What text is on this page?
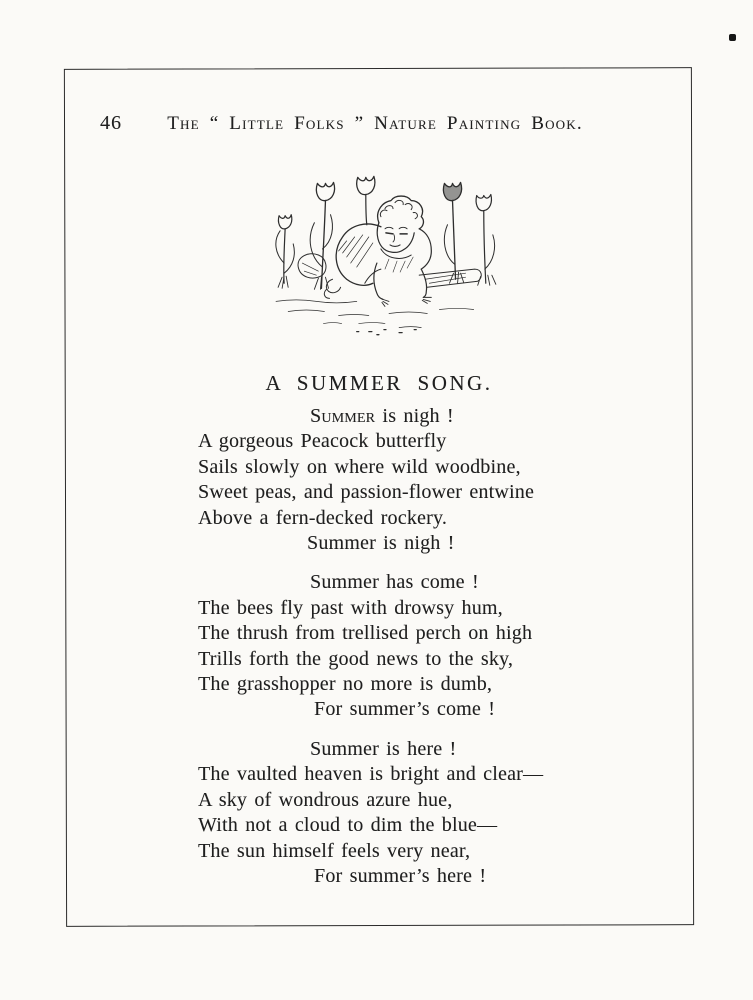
46	The “ Little Folks ” Nature Painting Book.
A SUMMER SONG.
Summer is nigh !
A gorgeous Peacock butterfly
Sails slowly on where wild woodbine,
Sweet peas, and passion-flower entwine
Above a fern-decked rockery.
Summer is nigh !
Summer has come !
The bees fly past with drowsy hum,
The thrush from trellised perch on high
Trills forth the good news to the sky,
The grasshopper no more is dumb,
For summer’s come !
Summer is here !
The vaulted heaven is bright and clear—
A sky of wondrous azure hue,
With not a cloud to dim the blue—
The sun himself feels very near,
For summer’s here !
